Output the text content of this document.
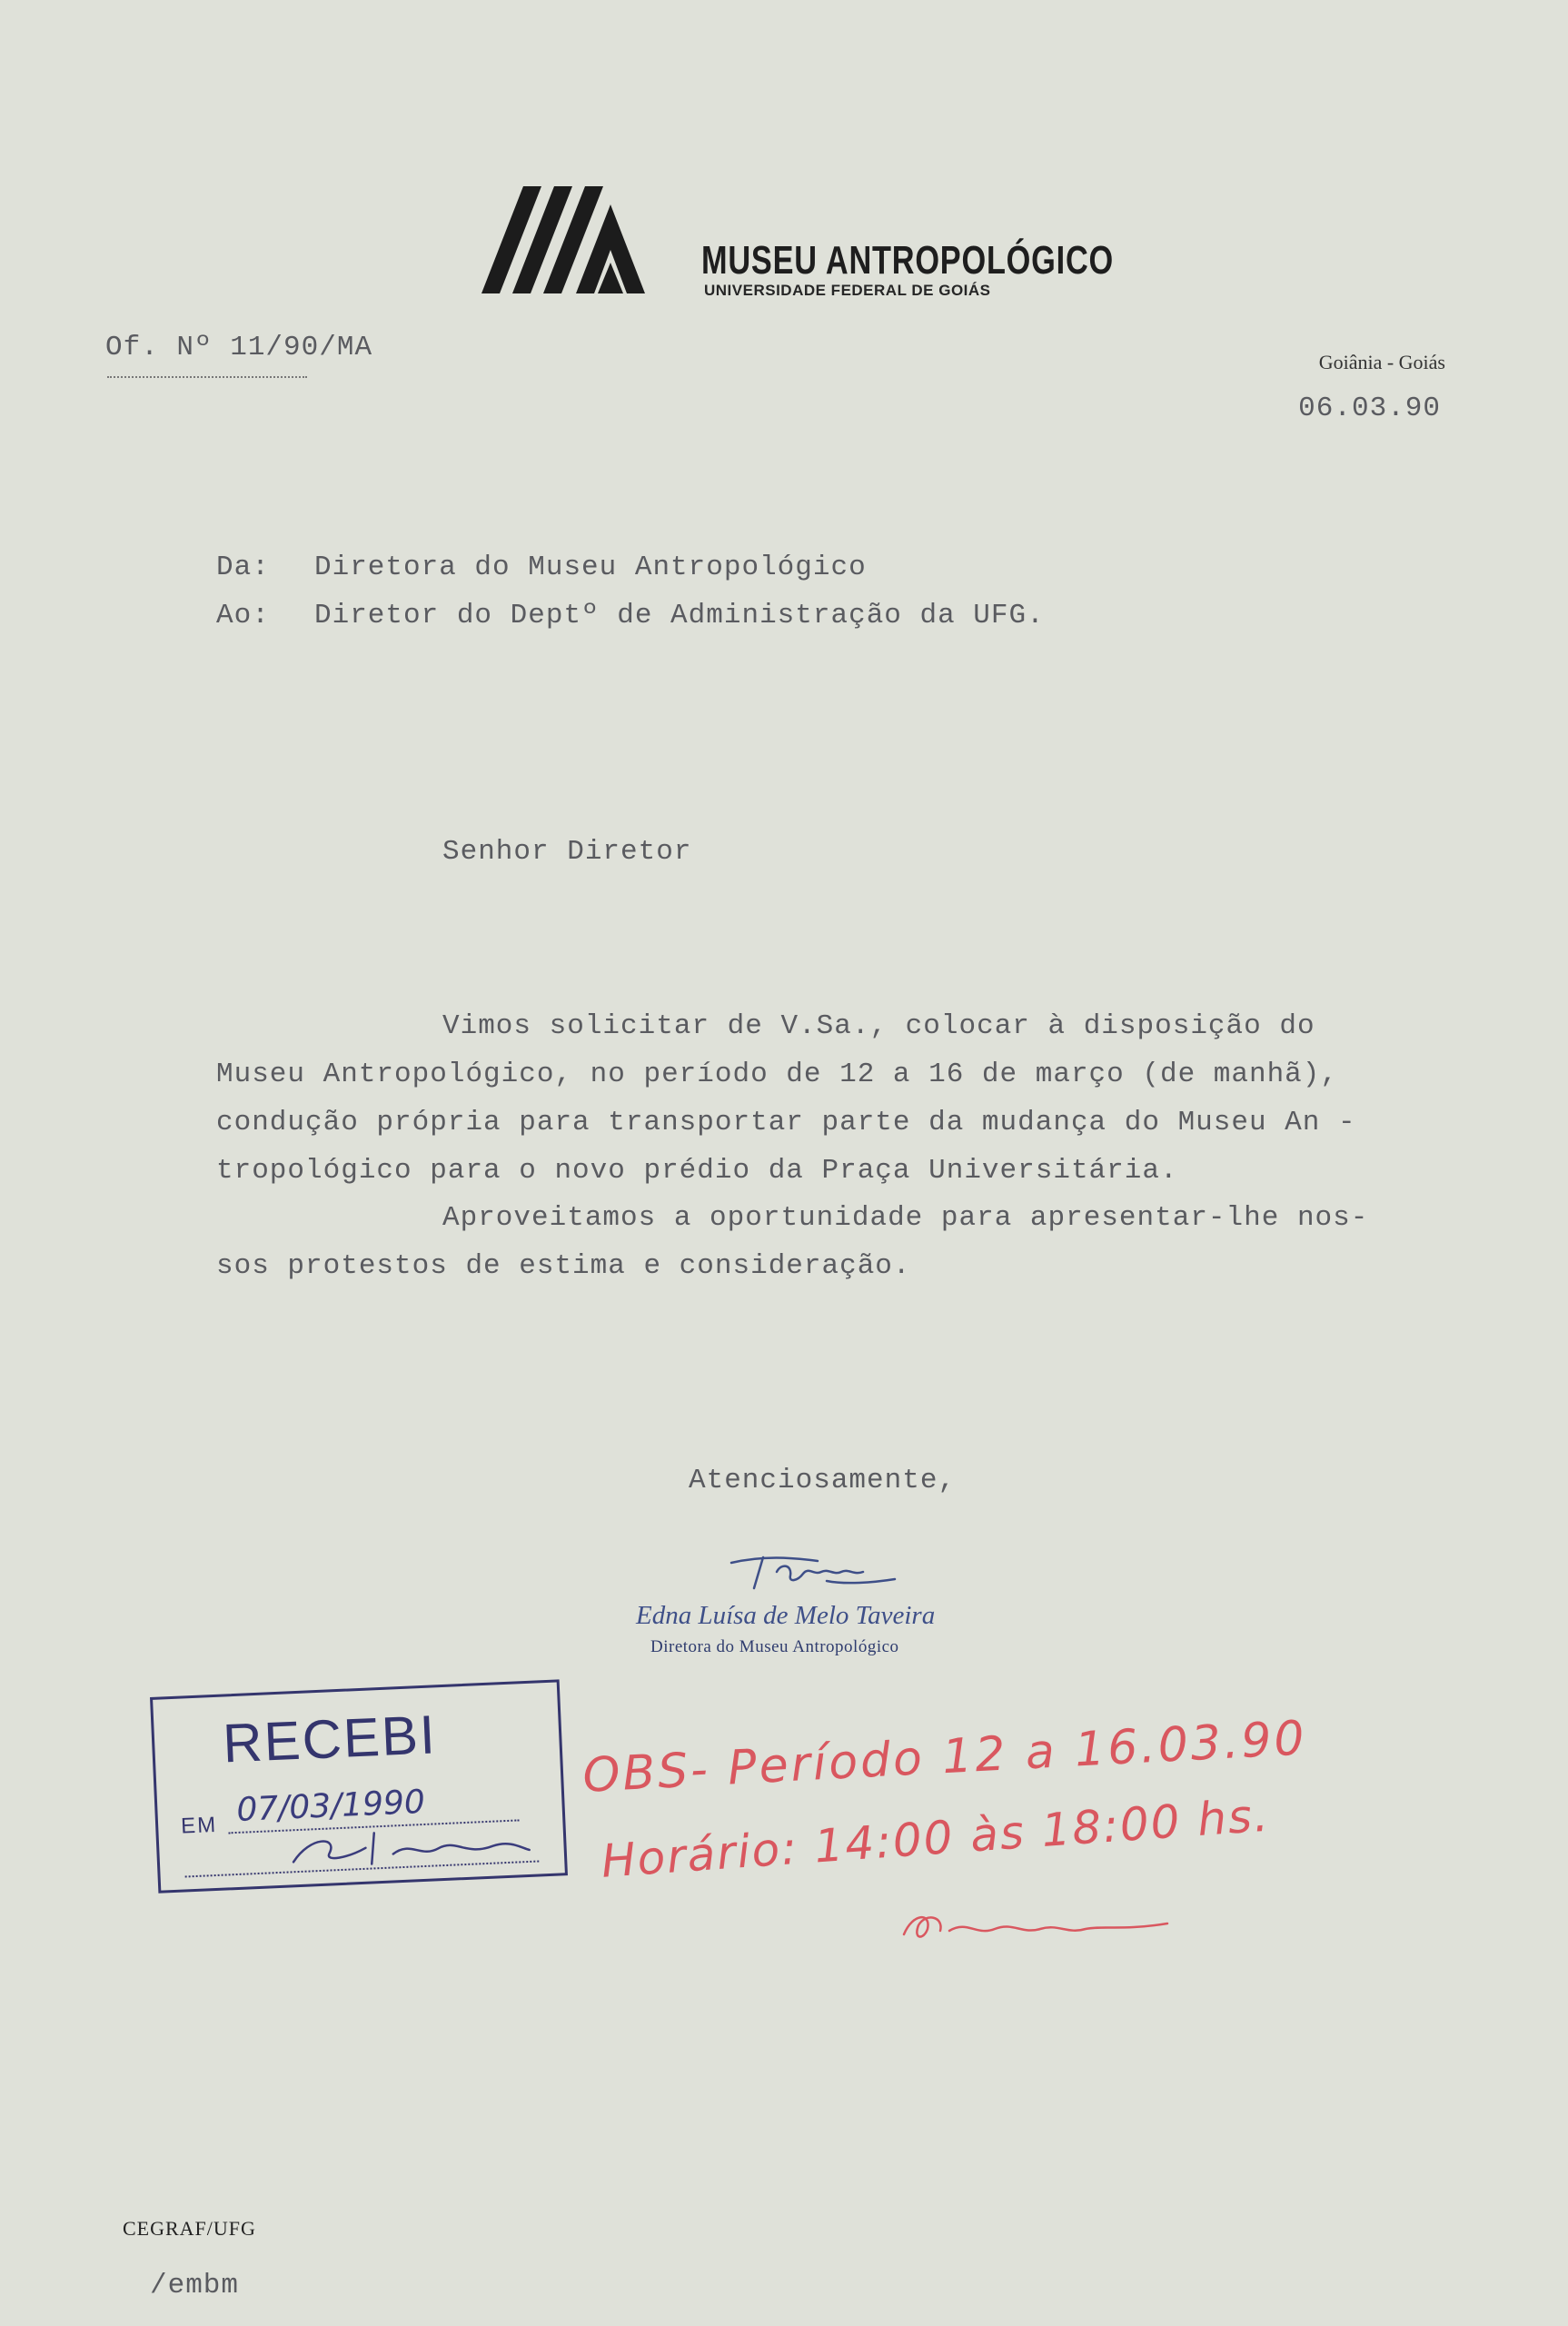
MUSEU ANTROPOLÓGICO
UNIVERSIDADE FEDERAL DE GOIÁS
Of. Nº 11/90/MA	Goiânia - Goiás
06.03.90
Da: Diretora do Museu Antropológico
Ao: Diretor do Deptº de Administração da UFG.
Senhor Diretor
Vimos solicitar de V.Sa., colocar à disposição do
Museu Antropológico, no período de 12 a 16 de março (de manhã),
condução própria para transportar parte da mudança do Museu An -
tropológico para o novo prédio da Praça Universitária.
Aproveitamos a oportunidade para apresentar-lhe nos-
sos protestos de estima e consideração.
Atenciosamente,
Edna Luísa de Melo Taveira
Diretora do Museu Antropológico
RECEBI
EM 07/03/1990
OBS- Período 12 a 16.03.90
Horário: 14:00 às 18:00 hs.
CEGRAF/UFG
/embm
